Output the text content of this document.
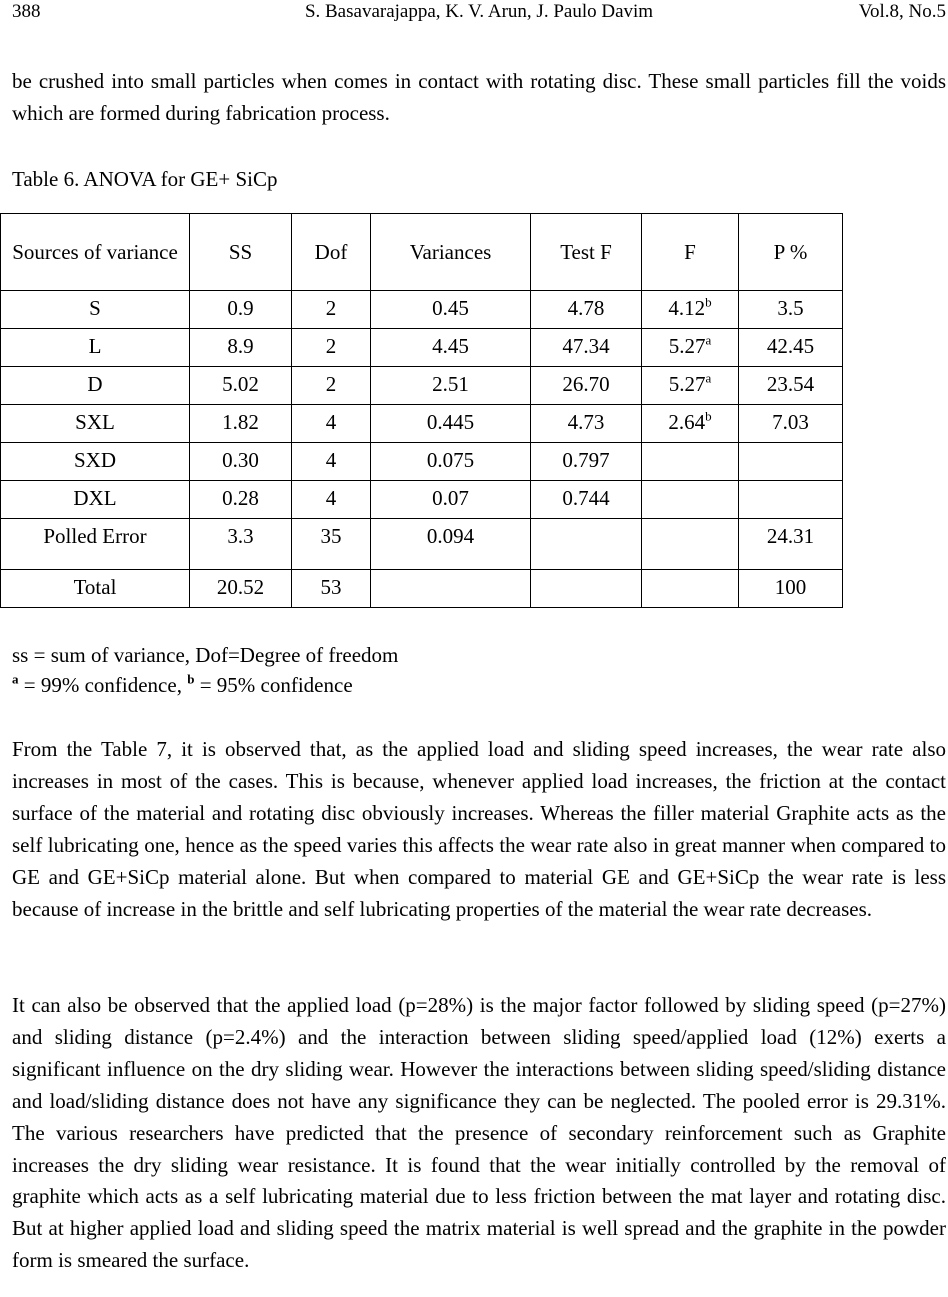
388	S. Basavarajappa, K. V. Arun, J. Paulo Davim	Vol.8, No.5

be crushed into small particles when comes in contact with rotating disc. These small particles fill the voids which are formed during fabrication process.

Table 6. ANOVA for GE+ SiCp

Sources of variance	SS	Dof	Variances	Test F	F	P %
S	0.9	2	0.45	4.78	4.12$^b$	3.5
L	8.9	2	4.45	47.34	5.27$^a$	42.45
D	5.02	2	2.51	26.70	5.27$^a$	23.54
SXL	1.82	4	0.445	4.73	2.64$^b$	7.03
SXD	0.30	4	0.075	0.797		
DXL	0.28	4	0.07	0.744		
Polled Error	3.3	35	0.094			24.31
Total	20.52	53				100

ss = sum of variance, Dof=Degree of freedom

$^a$ = 99% confidence, $^b$ = 95% confidence

From the Table 7, it is observed that, as the applied load and sliding speed increases, the wear rate also increases in most of the cases. This is because, whenever applied load increases, the friction at the contact surface of the material and rotating disc obviously increases. Whereas the filler material Graphite acts as the self lubricating one, hence as the speed varies this affects the wear rate also in great manner when compared to GE and GE+SiCp material alone. But when compared to material GE and GE+SiCp the wear rate is less because of increase in the brittle and self lubricating properties of the material the wear rate decreases.

It can also be observed that the applied load (p=28%) is the major factor followed by sliding speed (p=27%) and sliding distance (p=2.4%) and the interaction between sliding speed/applied load (12%) exerts a significant influence on the dry sliding wear. However the interactions between sliding speed/sliding distance and load/sliding distance does not have any significance they can be neglected. The pooled error is 29.31%. The various researchers have predicted that the presence of secondary reinforcement such as Graphite increases the dry sliding wear resistance. It is found that the wear initially controlled by the removal of graphite which acts as a self lubricating material due to less friction between the mat layer and rotating disc. But at higher applied load and sliding speed the matrix material is well spread and the graphite in the powder form is smeared the surface.
